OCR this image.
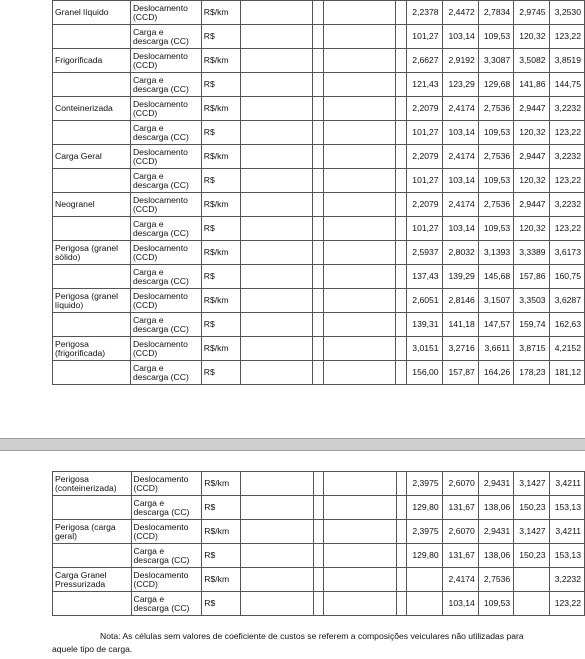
Granel líquido	Deslocamento (CCD)	R$/km					2,2378	2,4472	2,7834	2,9745	3,2530
	Carga e descarga (CC)	R$					101,27	103,14	109,53	120,32	123,22
Frigorificada	Deslocamento (CCD)	R$/km					2,6627	2,9192	3,3087	3,5082	3,8519
	Carga e descarga (CC)	R$					121,43	123,29	129,68	141,86	144,75
Conteinerizada	Deslocamento (CCD)	R$/km					2,2079	2,4174	2,7536	2,9447	3,2232
	Carga e descarga (CC)	R$					101,27	103,14	109,53	120,32	123,22
Carga Geral	Deslocamento (CCD)	R$/km					2,2079	2,4174	2,7536	2,9447	3,2232
	Carga e descarga (CC)	R$					101,27	103,14	109,53	120,32	123,22
Neogranel	Deslocamento (CCD)	R$/km					2,2079	2,4174	2,7536	2,9447	3,2232
	Carga e descarga (CC)	R$					101,27	103,14	109,53	120,32	123,22
Perigosa (granel sólido)	Deslocamento (CCD)	R$/km					2,5937	2,8032	3,1393	3,3389	3,6173
	Carga e descarga (CC)	R$					137,43	139,29	145,68	157,86	160,75
Perigosa (granel líquido)	Deslocamento (CCD)	R$/km					2,6051	2,8146	3,1507	3,3503	3,6287
	Carga e descarga (CC)	R$					139,31	141,18	147,57	159,74	162,63
Perigosa (frigorificada)	Deslocamento (CCD)	R$/km					3,0151	3,2716	3,6611	3,8715	4,2152
	Carga e descarga (CC)	R$					156,00	157,87	164,26	178,23	181,12
Perigosa (conteinerizada)	Deslocamento (CCD)	R$/km					2,3975	2,6070	2,9431	3,1427	3,4211
	Carga e descarga (CC)	R$					129,80	131,67	138,06	150,23	153,13
Perigosa (carga geral)	Deslocamento (CCD)	R$/km					2,3975	2,6070	2,9431	3,1427	3,4211
	Carga e descarga (CC)	R$					129,80	131,67	138,06	150,23	153,13
Carga Granel Pressurizada	Deslocamento (CCD)	R$/km						2,4174	2,7536		3,2232
	Carga e descarga (CC)	R$						103,14	109,53		123,22
Nota: As células sem valores de coeficiente de custos se referem a composições veiculares não utilizadas para aquele tipo de carga.
